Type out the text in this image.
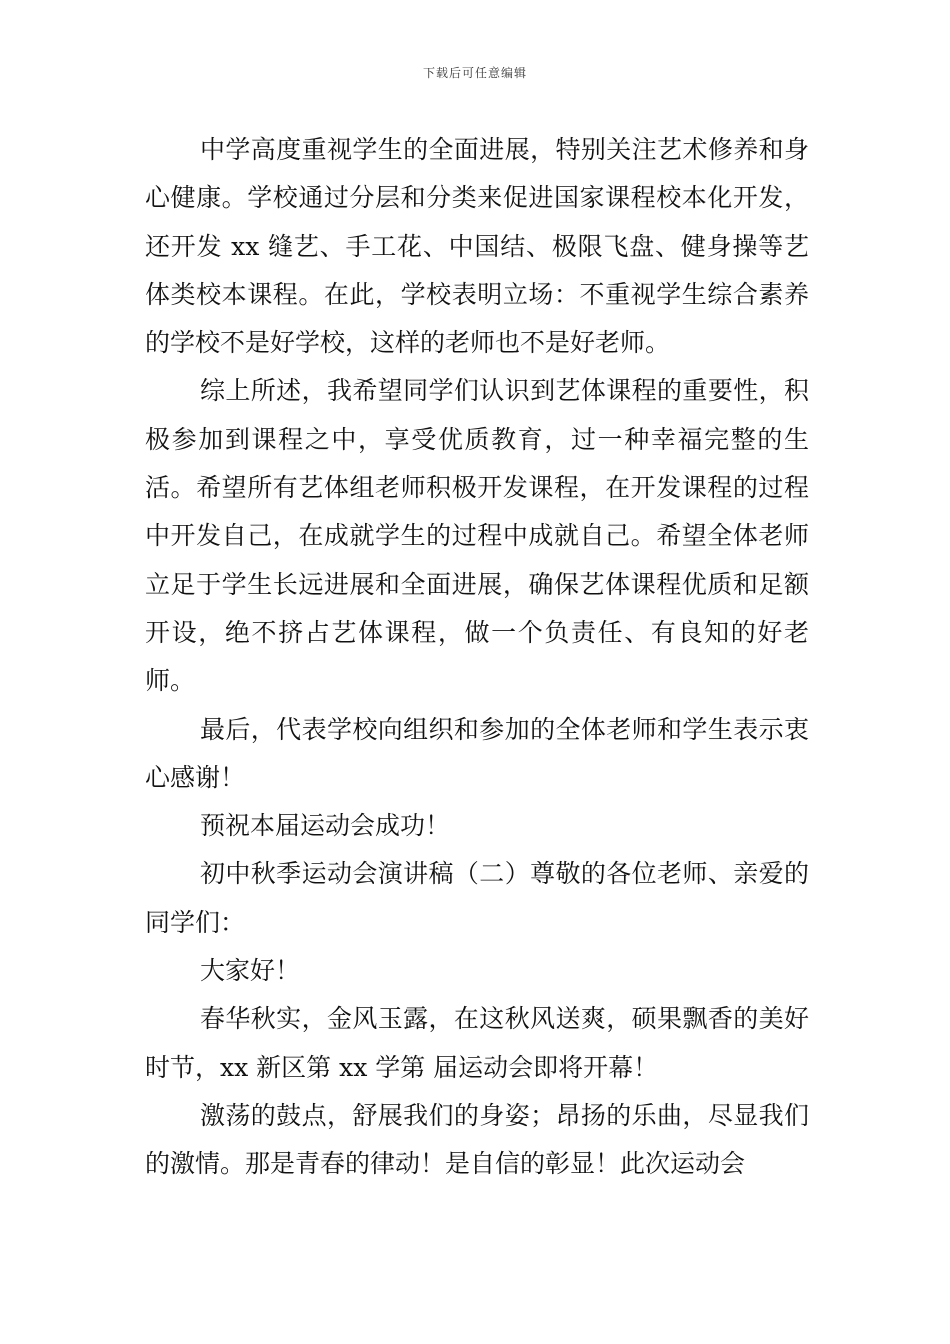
下载后可任意编辑

中学高度重视学生的全面进展，特别关注艺术修养和身心健康。学校通过分层和分类来促进国家课程校本化开发，还开发 xx 缝艺、手工花、中国结、极限飞盘、健身操等艺体类校本课程。在此，学校表明立场：不重视学生综合素养的学校不是好学校，这样的老师也不是好老师。

综上所述，我希望同学们认识到艺体课程的重要性，积极参加到课程之中，享受优质教育，过一种幸福完整的生活。希望所有艺体组老师积极开发课程，在开发课程的过程中开发自己，在成就学生的过程中成就自己。希望全体老师立足于学生长远进展和全面进展，确保艺体课程优质和足额开设，绝不挤占艺体课程，做一个负责任、有良知的好老师。

最后，代表学校向组织和参加的全体老师和学生表示衷心感谢！

预祝本届运动会成功！

初中秋季运动会演讲稿（二）尊敬的各位老师、亲爱的同学们：

大家好！

春华秋实，金风玉露，在这秋风送爽，硕果飘香的美好时节，xx 新区第 xx 学第 届运动会即将开幕！

激荡的鼓点，舒展我们的身姿；昂扬的乐曲，尽显我们的激情。那是青春的律动！是自信的彰显！此次运动会
